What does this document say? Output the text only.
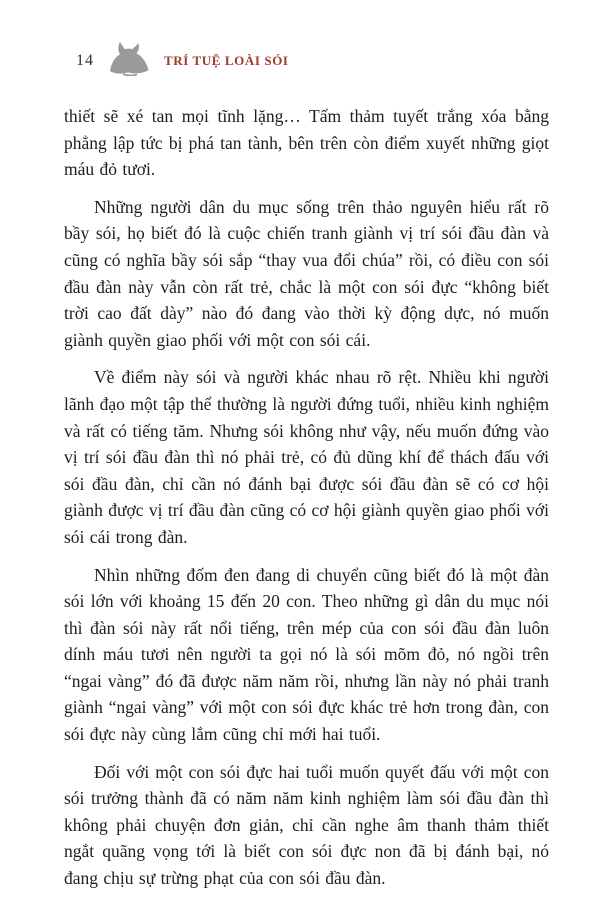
14	TRÍ TUỆ LOÀI SÓI

thiết sẽ xé tan mọi tĩnh lặng… Tấm thảm tuyết trắng xóa bằng phẳng lập tức bị phá tan tành, bên trên còn điểm xuyết những giọt máu đỏ tươi.

Những người dân du mục sống trên thảo nguyên hiểu rất rõ bầy sói, họ biết đó là cuộc chiến tranh giành vị trí sói đầu đàn và cũng có nghĩa bầy sói sắp “thay vua đổi chúa” rồi, có điều con sói đầu đàn này vẫn còn rất trẻ, chắc là một con sói đực “không biết trời cao đất dày” nào đó đang vào thời kỳ động dực, nó muốn giành quyền giao phối với một con sói cái.

Về điểm này sói và người khác nhau rõ rệt. Nhiều khi người lãnh đạo một tập thể thường là người đứng tuổi, nhiều kinh nghiệm và rất có tiếng tăm. Nhưng sói không như vậy, nếu muốn đứng vào vị trí sói đầu đàn thì nó phải trẻ, có đủ dũng khí để thách đấu với sói đầu đàn, chỉ cần nó đánh bại được sói đầu đàn sẽ có cơ hội giành được vị trí đầu đàn cũng có cơ hội giành quyền giao phối với sói cái trong đàn.

Nhìn những đốm đen đang di chuyển cũng biết đó là một đàn sói lớn với khoảng 15 đến 20 con. Theo những gì dân du mục nói thì đàn sói này rất nổi tiếng, trên mép của con sói đầu đàn luôn dính máu tươi nên người ta gọi nó là sói mõm đỏ, nó ngồi trên “ngai vàng” đó đã được năm năm rồi, nhưng lần này nó phải tranh giành “ngai vàng” với một con sói đực khác trẻ hơn trong đàn, con sói đực này cùng lắm cũng chỉ mới hai tuổi.

Đối với một con sói đực hai tuổi muốn quyết đấu với một con sói trưởng thành đã có năm năm kinh nghiệm làm sói đầu đàn thì không phải chuyện đơn giản, chỉ cần nghe âm thanh thảm thiết ngắt quãng vọng tới là biết con sói đực non đã bị đánh bại, nó đang chịu sự trừng phạt của con sói đầu đàn.
